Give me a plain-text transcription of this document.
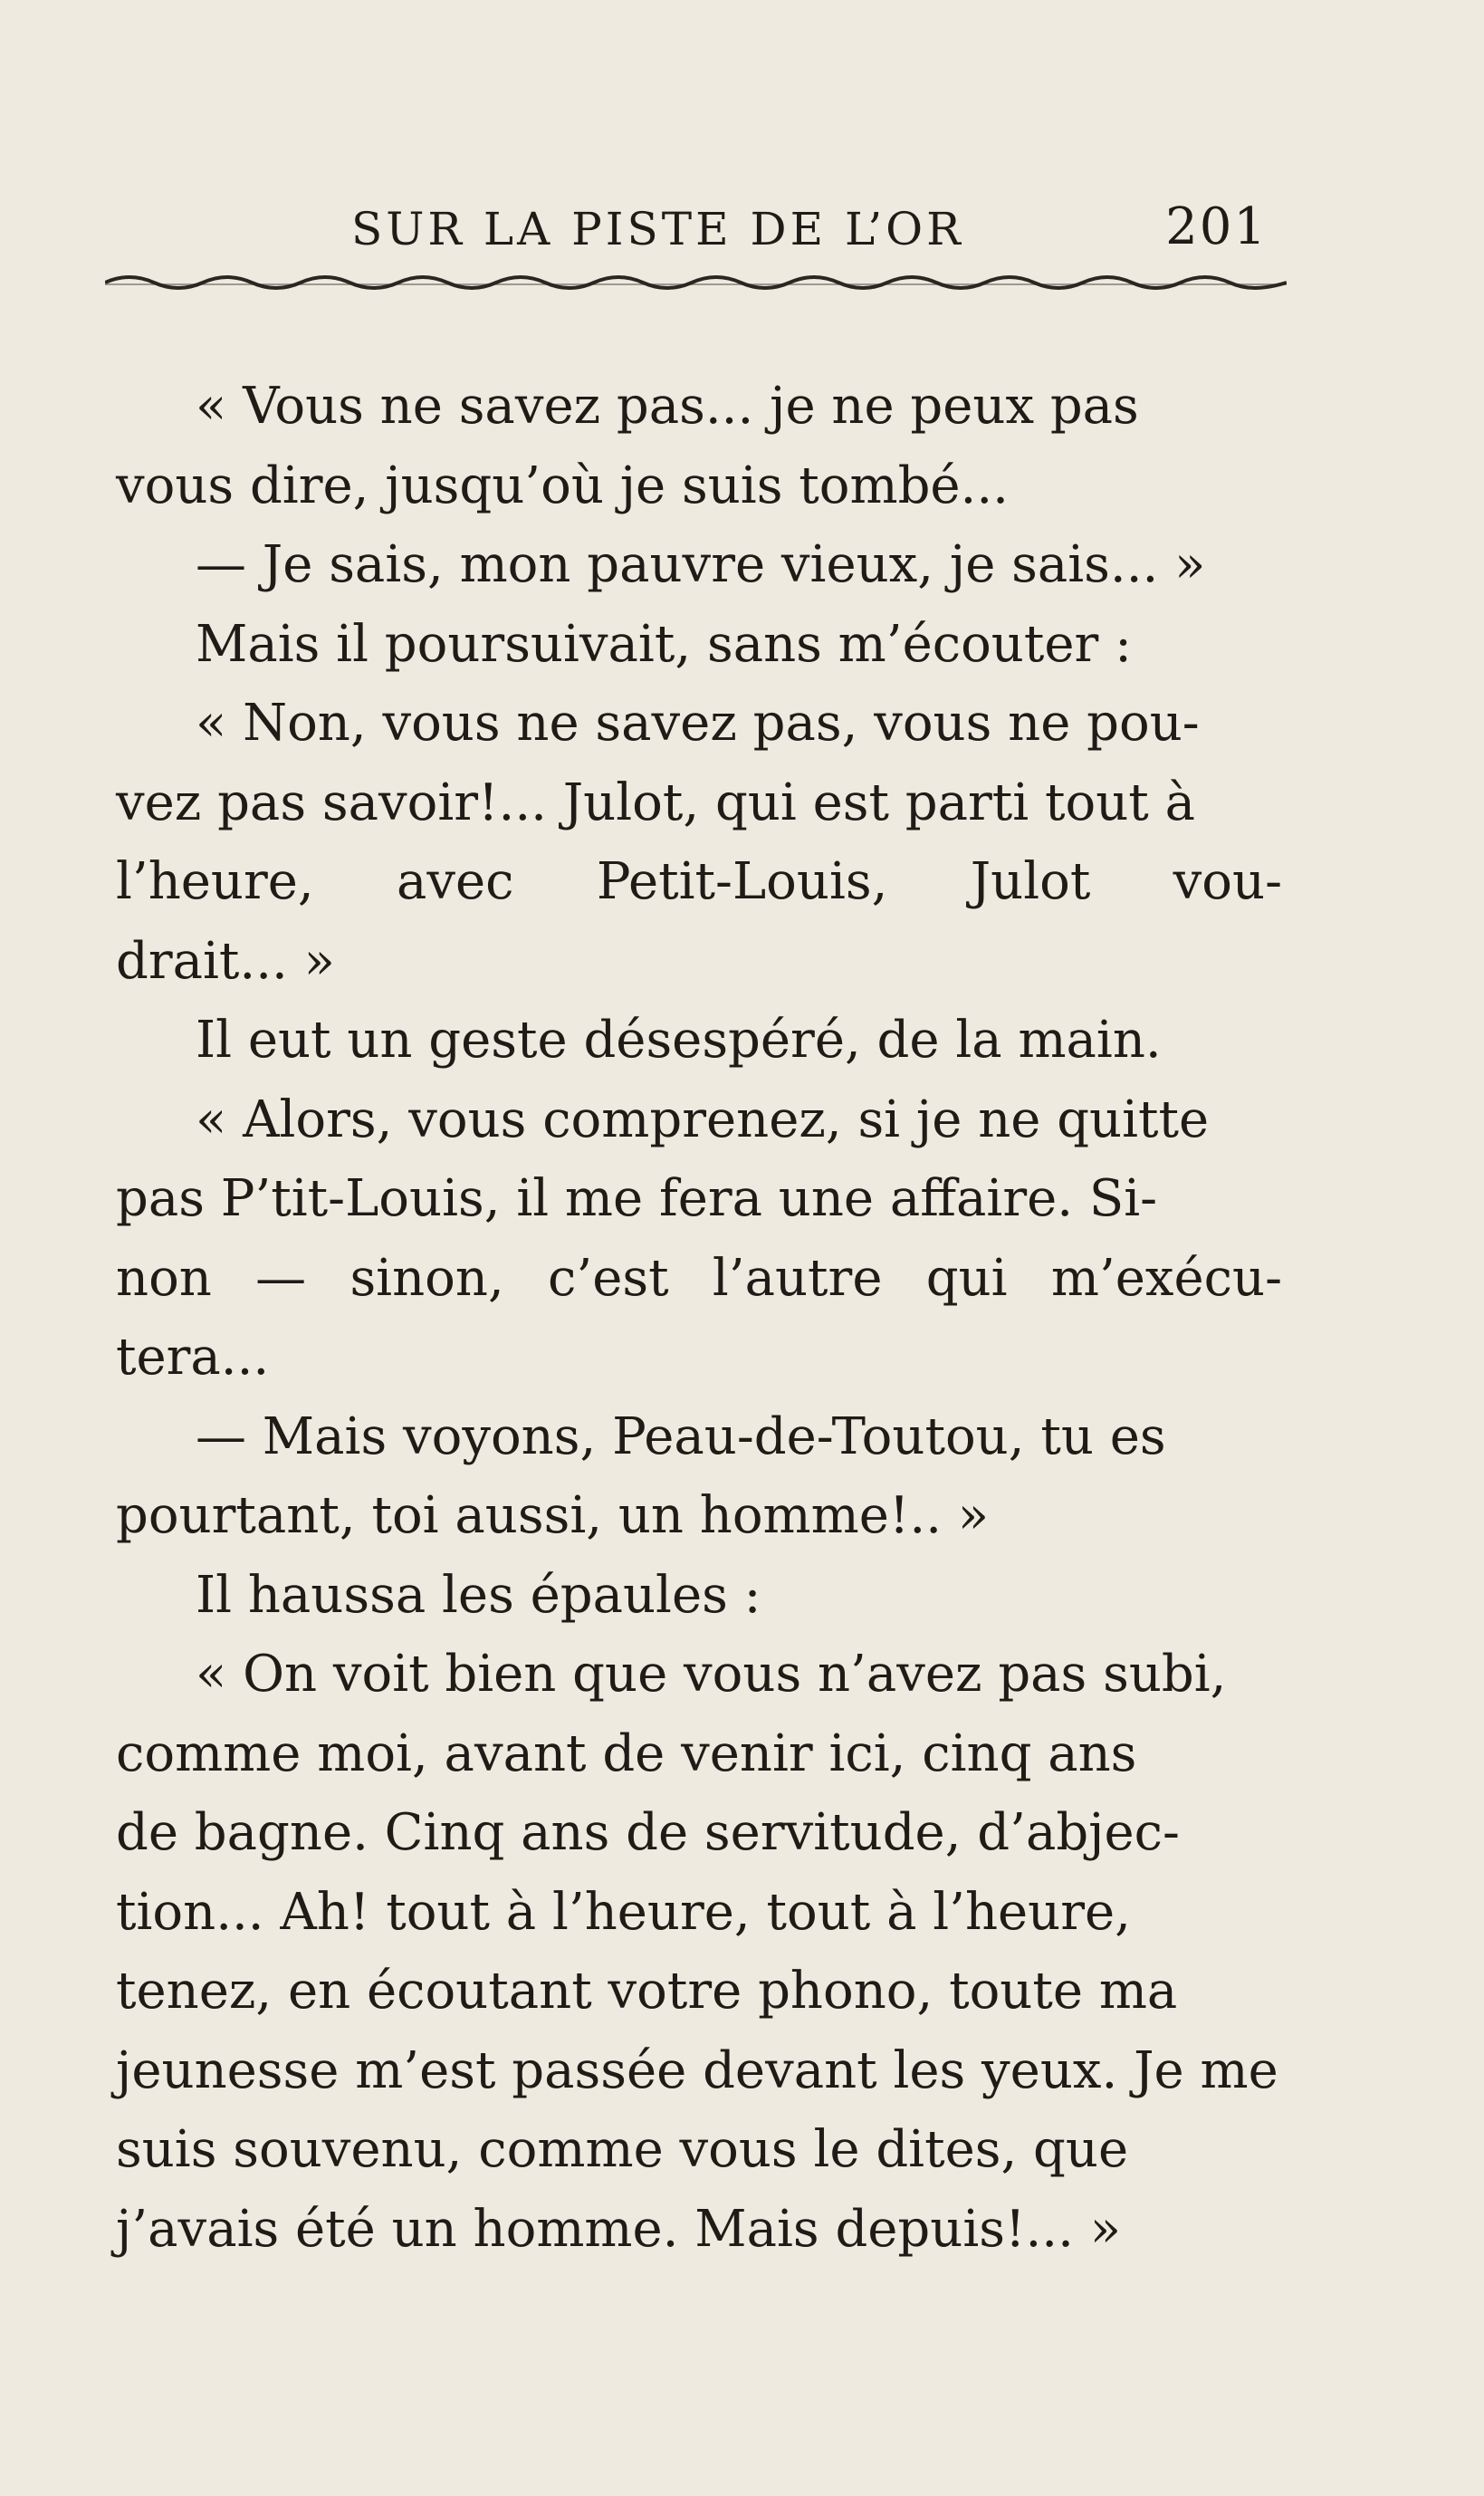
SUR LA PISTE DE L’OR	201
« Vous ne savez pas... je ne peux pas
vous dire, jusqu’où je suis tombé...
— Je sais, mon pauvre vieux, je sais... »
Mais il poursuivait, sans m’écouter :
« Non, vous ne savez pas, vous ne pou-
vez pas savoir!... Julot, qui est parti tout à
l’heure, avec Petit-Louis, Julot vou-
drait... »
Il eut un geste désespéré, de la main.
« Alors, vous comprenez, si je ne quitte
pas P’tit-Louis, il me fera une affaire. Si-
non — sinon, c’est l’autre qui m’exécu-
tera...
— Mais voyons, Peau-de-Toutou, tu es
pourtant, toi aussi, un homme!.. »
Il haussa les épaules :
« On voit bien que vous n’avez pas subi,
comme moi, avant de venir ici, cinq ans
de bagne. Cinq ans de servitude, d’abjec-
tion... Ah! tout à l’heure, tout à l’heure,
tenez, en écoutant votre phono, toute ma
jeunesse m’est passée devant les yeux. Je me
suis souvenu, comme vous le dites, que
j’avais été un homme. Mais depuis!... »
